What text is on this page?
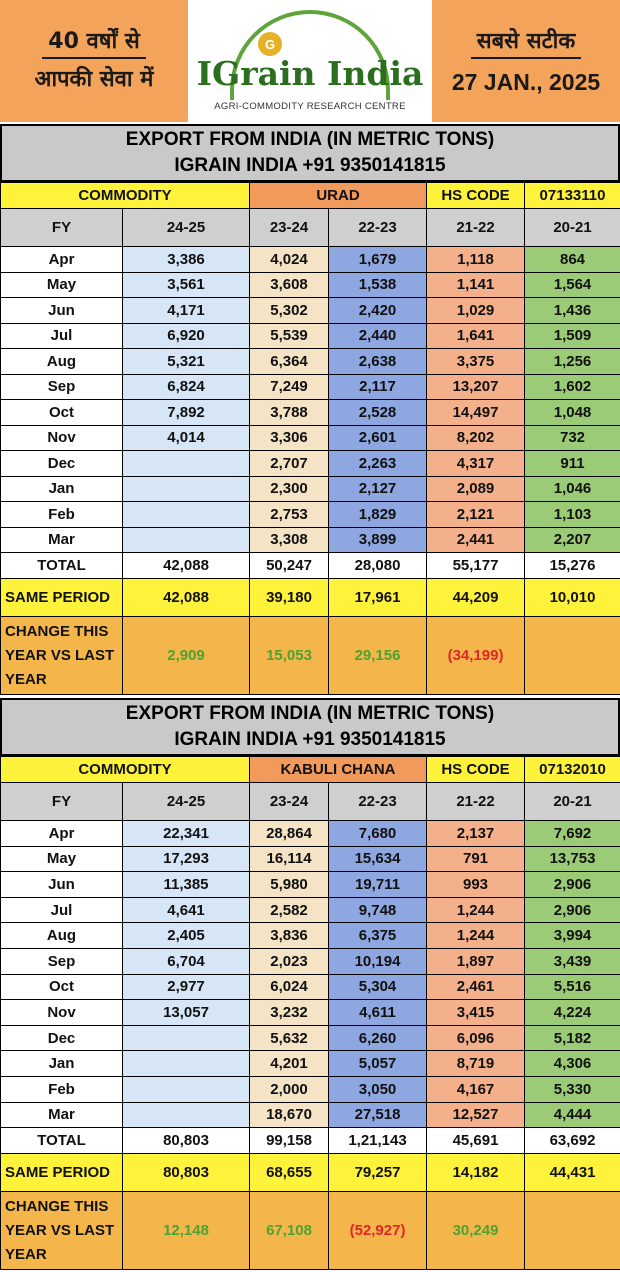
40 वर्षों से
आपकी सेवा में
G
IGrain India
AGRI-COMMODITY RESEARCH CENTRE
सबसे सटीक
27 JAN., 2025
EXPORT FROM INDIA (IN METRIC TONS)
IGRAIN INDIA +91 9350141815
COMMODITY		URAD		HS CODE	07133110
FY	24-25	23-24	22-23	21-22	20-21
Apr	3,386	4,024	1,679	1,118	864
May	3,561	3,608	1,538	1,141	1,564
Jun	4,171	5,302	2,420	1,029	1,436
Jul	6,920	5,539	2,440	1,641	1,509
Aug	5,321	6,364	2,638	3,375	1,256
Sep	6,824	7,249	2,117	13,207	1,602
Oct	7,892	3,788	2,528	14,497	1,048
Nov	4,014	3,306	2,601	8,202	732
Dec		2,707	2,263	4,317	911
Jan		2,300	2,127	2,089	1,046
Feb		2,753	1,829	2,121	1,103
Mar		3,308	3,899	2,441	2,207
TOTAL	42,088	50,247	28,080	55,177	15,276
SAME PERIOD	42,088	39,180	17,961	44,209	10,010

CHANGE THIS
YEAR VS LAST
YEAR	2,909	15,053	29,156	(34,199)	
EXPORT FROM INDIA (IN METRIC TONS)
IGRAIN INDIA +91 9350141815
COMMODITY		KABULI CHANA		HS CODE	07132010
FY	24-25	23-24	22-23	21-22	20-21
Apr	22,341	28,864	7,680	2,137	7,692
May	17,293	16,114	15,634	791	13,753
Jun	11,385	5,980	19,711	993	2,906
Jul	4,641	2,582	9,748	1,244	2,906
Aug	2,405	3,836	6,375	1,244	3,994
Sep	6,704	2,023	10,194	1,897	3,439
Oct	2,977	6,024	5,304	2,461	5,516
Nov	13,057	3,232	4,611	3,415	4,224
Dec		5,632	6,260	6,096	5,182
Jan		4,201	5,057	8,719	4,306
Feb		2,000	3,050	4,167	5,330
Mar		18,670	27,518	12,527	4,444
TOTAL	80,803	99,158	1,21,143	45,691	63,692
SAME PERIOD	80,803	68,655	79,257	14,182	44,431

CHANGE THIS
YEAR VS LAST
YEAR	12,148	67,108	(52,927)	30,249	
